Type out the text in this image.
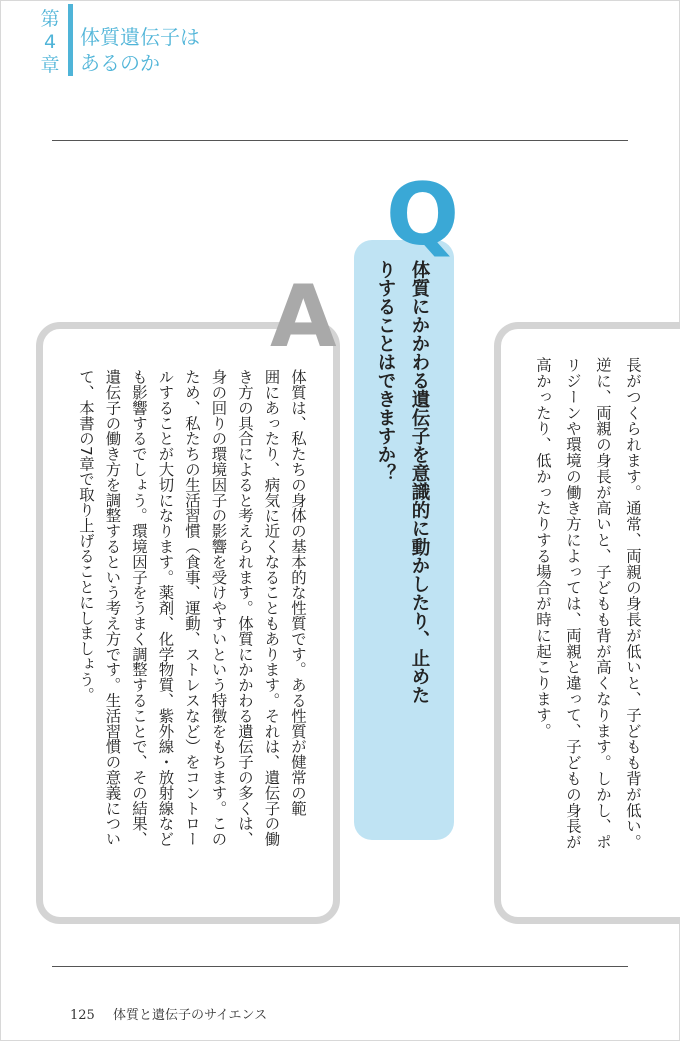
第
4
章
体質遺伝子は
あるのか
長がつくられます。通常、両親の身長が低いと、子どもも背が低い。
逆に、両親の身長が高いと、子どもも背が高くなります。しかし、ポ
リジーンや環境の働き方によっては、両親と違って、子どもの身長が
高かったり、低かったりする場合が時に起こります。
体質にかかわる遺伝子を意識的に動かしたり、止めた
りすることはできますか？
Q
体質は、私たちの身体の基本的な性質です。ある性質が健常の範
囲にあったり、病気に近くなることもあります。それは、遺伝子の働
き方の具合によると考えられます。体質にかかわる遺伝子の多くは、
身の回りの環境因子の影響を受けやすいという特徴をもちます。この
ため、私たちの生活習慣（食事、運動、ストレスなど）をコントロー
ルすることが大切になります。薬剤、化学物質、紫外線・放射線など
も影響するでしょう。環境因子をうまく調整することで、その結果、
遺伝子の働き方を調整するという考え方です。生活習慣の意義につい
て、本書の7章で取り上げることにしましょう。
A
125 体質と遺伝子のサイエンス
